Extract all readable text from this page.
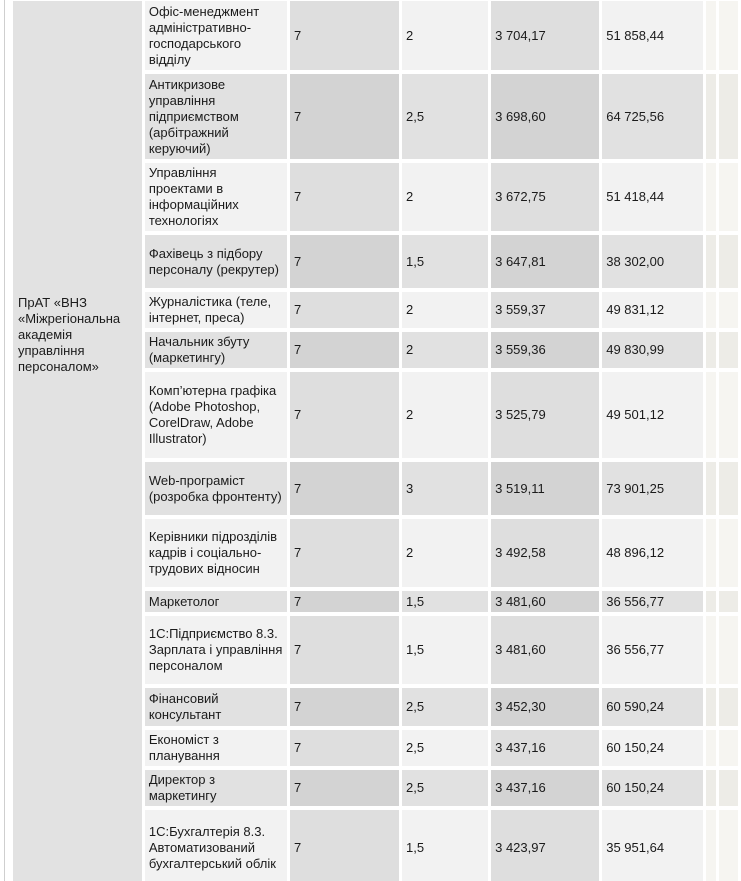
ПрАТ «ВНЗ «Міжрегіональна академія управління персоналом»	Офіс-менеджмент адміністративно-господарського відділу	7	2	3 704,17	51 858,44		
	Антикризове управління підприємством (арбітражний керуючий)	7	2,5	3 698,60	64 725,56		
	Управління проектами в інформаційних технологіях	7	2	3 672,75	51 418,44		
	Фахівець з підбору персоналу (рекрутер)	7	1,5	3 647,81	38 302,00		
	Журналістика (теле, інтернет, преса)	7	2	3 559,37	49 831,12		
	Начальник збуту (маркетингу)	7	2	3 559,36	49 830,99		
	Комп’ютерна графіка (Adobe Photoshop, CorelDraw, Adobe Illustrator)	7	2	3 525,79	49 501,12		
	Web-програміст (розробка фронтенту)	7	3	3 519,11	73 901,25		
	Керівники підрозділів кадрів і соціально-трудових відносин	7	2	3 492,58	48 896,12		
	Маркетолог	7	1,5	3 481,60	36 556,77		
	1С:Підприємство 8.3. Зарплата і управління персоналом	7	1,5	3 481,60	36 556,77		
	Фінансовий консультант	7	2,5	3 452,30	60 590,24		
	Економіст з планування	7	2,5	3 437,16	60 150,24		
	Директор з маркетингу	7	2,5	3 437,16	60 150,24		
	1С:Бухгалтерія 8.3. Автоматизований бухгалтерський облік	7	1,5	3 423,97	35 951,64		
